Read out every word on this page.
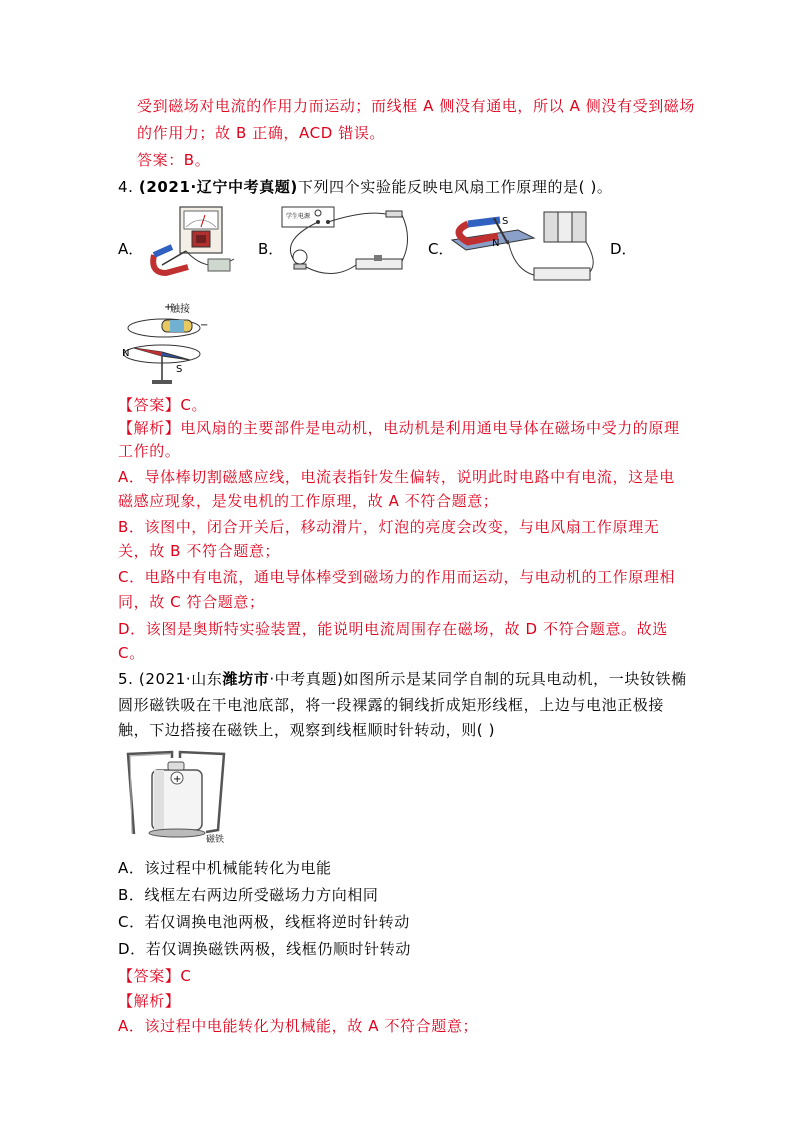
受到磁场对电流的作用力而运动；而线框 A 侧没有通电，所以 A 侧没有受到磁场
的作用力；故 B 正确，ACD 错误。
答案：B。
4. (2021·辽宁中考真题)下列四个实验能反映电风扇工作原理的是( )。
A．	B．	C．	D．
学生电源	S
N
触接
+
−
N
S
【答案】C。
【解析】电风扇的主要部件是电动机，电动机是利用通电导体在磁场中受力的原理
工作的。
A．导体棒切割磁感应线，电流表指针发生偏转，说明此时电路中有电流，这是电
磁感应现象，是发电机的工作原理，故 A 不符合题意；
B．该图中，闭合开关后，移动滑片，灯泡的亮度会改变，与电风扇工作原理无
关，故 B 不符合题意；
C．电路中有电流，通电导体棒受到磁场力的作用而运动，与电动机的工作原理相
同，故 C 符合题意；
D．该图是奥斯特实验装置，能说明电流周围存在磁场，故 D 不符合题意。故选
C。
5. (2021·山东潍坊市·中考真题)如图所示是某同学自制的玩具电动机，一块钕铁椭
圆形磁铁吸在干电池底部，将一段裸露的铜线折成矩形线框，上边与电池正极接
触，下边搭接在磁铁上，观察到线框顺时针转动，则( )
+
磁铁
A．该过程中机械能转化为电能
B．线框左右两边所受磁场力方向相同
C．若仅调换电池两极，线框将逆时针转动
D．若仅调换磁铁两极，线框仍顺时针转动
【答案】C
【解析】
A．该过程中电能转化为机械能，故 A 不符合题意；
